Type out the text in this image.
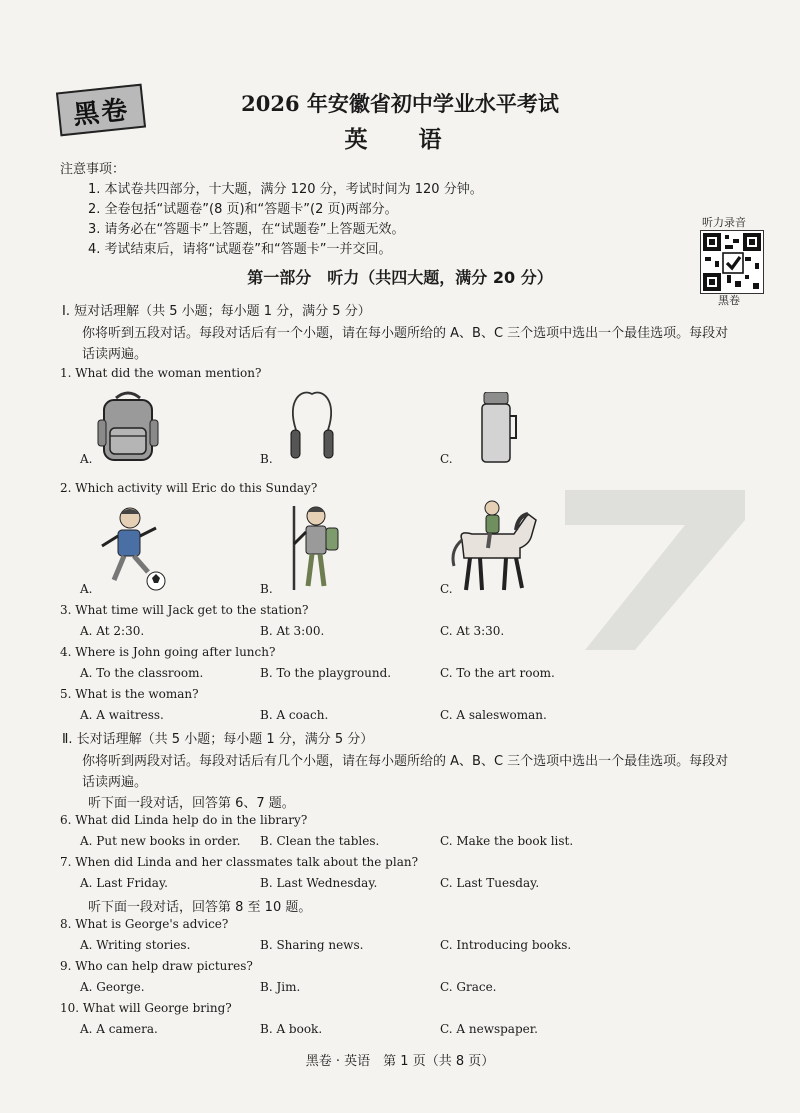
黑卷	2026 年安徽省初中学业水平考试
英　语
注意事项：
1. 本试卷共四部分，十大题，满分 120 分，考试时间为 120 分钟。
2. 全卷包括“试题卷”(8 页)和“答题卡”(2 页)两部分。
3. 请务必在“答题卡”上答题，在“试题卷”上答题无效。
4. 考试结束后，请将“试题卷”和“答题卡”一并交回。
听力录音
黑卷
第一部分　听力（共四大题，满分 20 分）
Ⅰ. 短对话理解（共 5 小题；每小题 1 分，满分 5 分）
你将听到五段对话。每段对话后有一个小题，请在每小题所给的 A、B、C 三个选项中选出一个最佳选项。每段对
话读两遍。
1. What did the woman mention?
A.	B.	C.
2. Which activity will Eric do this Sunday?
A.	B.	C.
3. What time will Jack get to the station?
A. At 2:30.	B. At 3:00.	C. At 3:30.
4. Where is John going after lunch?
A. To the classroom.	B. To the playground.	C. To the art room.
5. What is the woman?
A. A waitress.	B. A coach.	C. A saleswoman.
Ⅱ. 长对话理解（共 5 小题；每小题 1 分，满分 5 分）
你将听到两段对话。每段对话后有几个小题，请在每小题所给的 A、B、C 三个选项中选出一个最佳选项。每段对
话读两遍。
听下面一段对话，回答第 6、7 题。
6. What did Linda help do in the library?
A. Put new books in order. B. Clean the tables.	C. Make the book list.
7. When did Linda and her classmates talk about the plan?
A. Last Friday.	B. Last Wednesday.	C. Last Tuesday.
听下面一段对话，回答第 8 至 10 题。
8. What is George's advice?
A. Writing stories.	B. Sharing news.	C. Introducing books.
9. Who can help draw pictures?
A. George.	B. Jim.	C. Grace.
10. What will George bring?
A. A camera.	B. A book.	C. A newspaper.
黑卷 · 英语　第 1 页（共 8 页）
